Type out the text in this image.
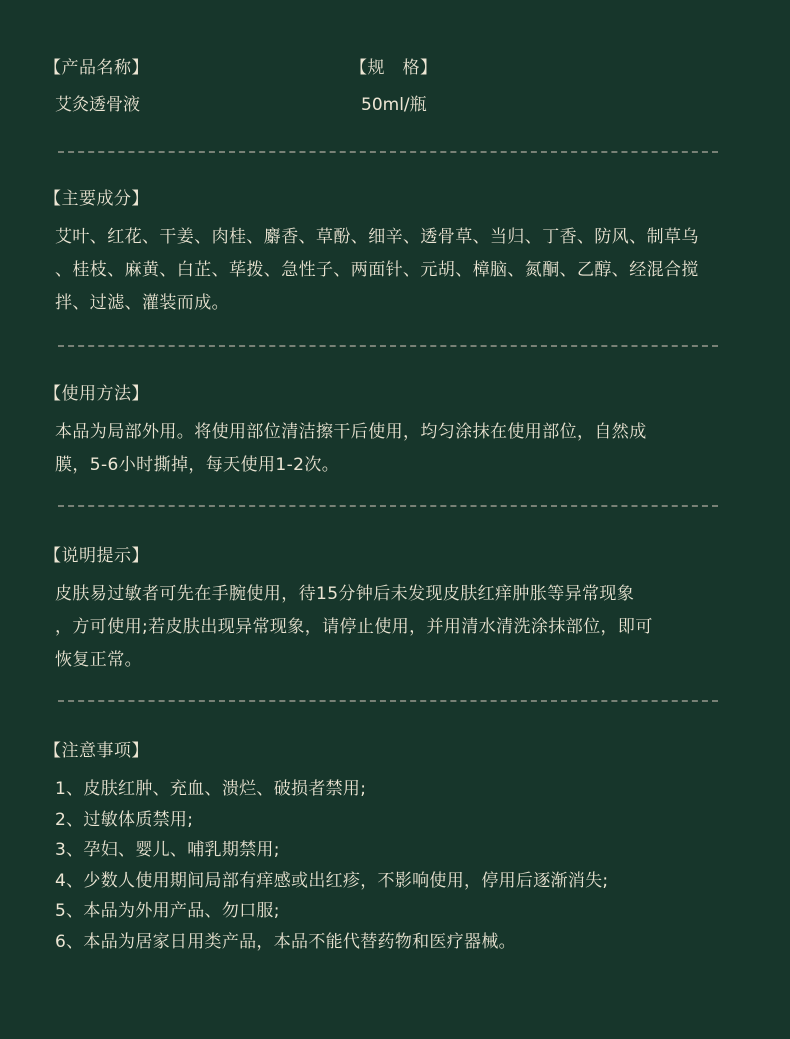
【产品名称】	【规　格】
艾灸透骨液	50ml/瓶
【主要成分】
艾叶、红花、干姜、肉桂、麝香、草酚、细辛、透骨草、当归、丁香、防风、制草乌
、桂枝、麻黄、白芷、荜拨、急性子、两面针、元胡、樟脑、氮酮、乙醇、经混合搅
拌、过滤、灌装而成。
【使用方法】
本品为局部外用。将使用部位清洁擦干后使用，均匀涂抹在使用部位，自然成
膜，5-6小时撕掉，每天使用1-2次。
【说明提示】
皮肤易过敏者可先在手腕使用，待15分钟后未发现皮肤红痒肿胀等异常现象
，方可使用;若皮肤出现异常现象，请停止使用，并用清水清洗涂抹部位，即可
恢复正常。
【注意事项】
1、皮肤红肿、充血、溃烂、破损者禁用;
2、过敏体质禁用;
3、孕妇、婴儿、哺乳期禁用;
4、少数人使用期间局部有痒感或出红疹，不影响使用，停用后逐渐消失;
5、本品为外用产品、勿口服;
6、本品为居家日用类产品，本品不能代替药物和医疗器械。
